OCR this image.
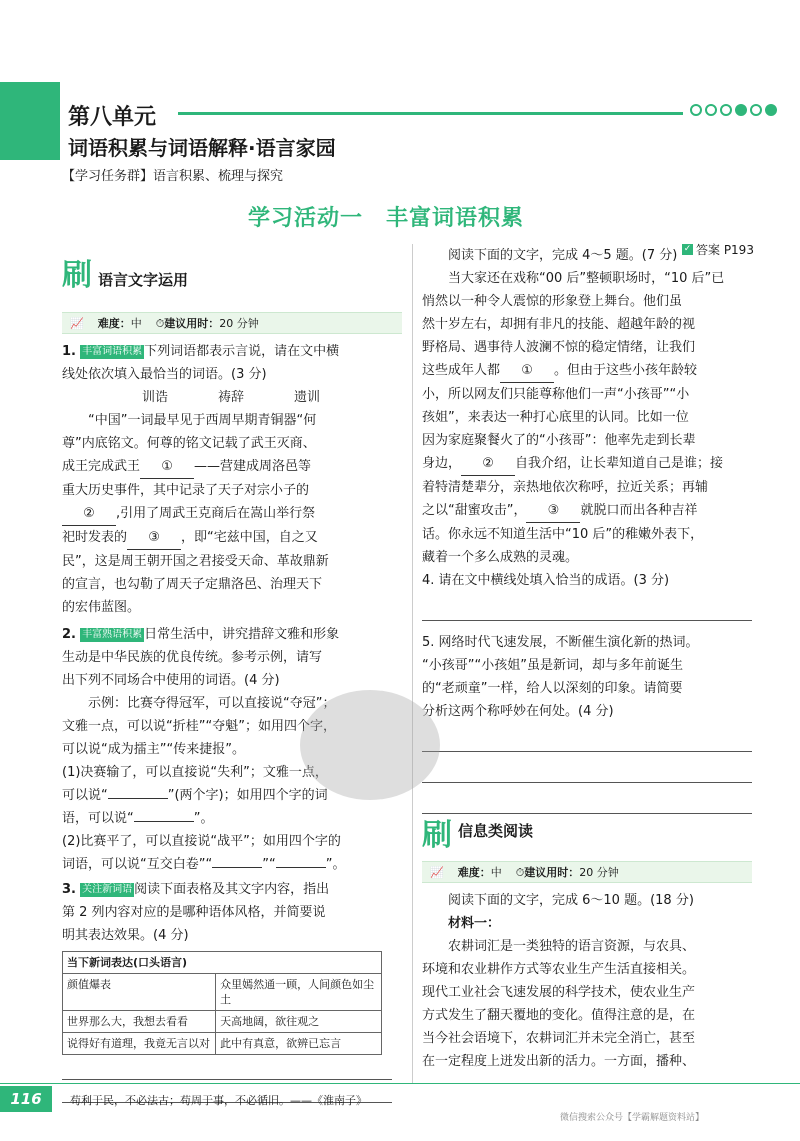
第八单元
词语积累与词语解释·语言家园
【学习任务群】语言积累、梳理与探究
学习活动一　丰富词语积累
✓ 答案 P193
刷 语言文字运用
📈 难度：中 ⏱建议用时：20 分钟
1. 丰富词语积累 下列词语都表示言说，请在文中横
线处依次填入最恰当的词语。(3 分)
训诰	祷辞	遗训
“中国”一词最早见于西周早期青铜器“何
尊”内底铭文。何尊的铭文记载了武王灭商、
成王完成武王 ① ——营建成周洛邑等
重大历史事件，其中记录了天子对宗小子的
② ,引用了周武王克商后在嵩山举行祭
祀时发表的 ③ ，即“宅兹中国，自之又
民”，这是周王朝开国之君接受天命、革故鼎新
的宣言，也勾勒了周天子定鼎洛邑、治理天下
的宏伟蓝图。
2. 丰富熟语积累 日常生活中，讲究措辞文雅和形象
生动是中华民族的优良传统。参考示例，请写
出下列不同场合中使用的词语。(4 分)
示例：比赛夺得冠军，可以直接说“夺冠”；
文雅一点，可以说“折桂”“夺魁”；如用四个字，
可以说“成为擂主”“传来捷报”。
(1)决赛输了，可以直接说“失利”；文雅一点，
可以说“	”(两个字)；如用四个字的词
语，可以说“	”。
(2)比赛平了，可以直接说“战平”；如用四个字的
词语，可以说“互交白卷”“	”“	”。
3. 关注新词语 阅读下面表格及其文字内容，指出
第 2 列内容对应的是哪种语体风格，并简要说
明其表达效果。(4 分)
当下新词表达(口头语言)	
颜值爆表	众里嫣然通一顾，人间颜色如尘土
世界那么大，我想去看看	天高地阔，欲往观之
说得好有道理，我竟无言以对	此中有真意，欲辨已忘言
阅读下面的文字，完成 4～5 题。(7 分)
当大家还在戏称“00 后”整顿职场时，“10 后”已
悄然以一种令人震惊的形象登上舞台。他们虽
然十岁左右，却拥有非凡的技能、超越年龄的视
野格局、遇事待人波澜不惊的稳定情绪，让我们
这些成年人都 ① 。但由于这些小孩年龄较
小，所以网友们只能尊称他们一声“小孩哥”“小
孩姐”，来表达一种打心底里的认同。比如一位
因为家庭聚餐火了的“小孩哥”：他率先走到长辈
身边， ② 自我介绍，让长辈知道自己是谁；接
着特清楚辈分，亲热地依次称呼，拉近关系；再辅
之以“甜蜜攻击”， ③ 就脱口而出各种吉祥
话。你永远不知道生活中“10 后”的稚嫩外表下，
藏着一个多么成熟的灵魂。
4. 请在文中横线处填入恰当的成语。(3 分)
5. 网络时代飞速发展，不断催生演化新的热词。
“小孩哥”“小孩姐”虽是新词，却与多年前诞生
的“老顽童”一样，给人以深刻的印象。请简要
分析这两个称呼妙在何处。(4 分)
刷 信息类阅读
📈 难度：中 ⏱建议用时：20 分钟
阅读下面的文字，完成 6～10 题。(18 分)
材料一：
农耕词汇是一类独特的语言资源，与农具、
环境和农业耕作方式等农业生产生活直接相关。
现代工业社会飞速发展的科学技术，使农业生产
方式发生了翻天覆地的变化。值得注意的是，在
当今社会语境下，农耕词汇并未完全消亡，甚至
在一定程度上迸发出新的活力。一方面，播种、
116	苟利于民，不必法古；苟周于事，不必循旧。——《淮南子》
微信搜索公众号【学霸解题资料站】
